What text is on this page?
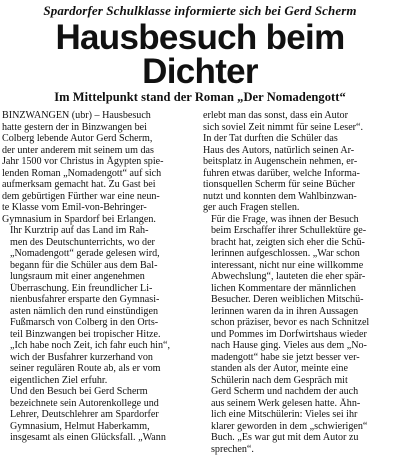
Spardorfer Schulklasse informierte sich bei Gerd Scherm
Hausbesuch beim Dichter
Im Mittelpunkt stand der Roman „Der Nomadengott“

BINZWANGEN (ubr) – Hausbesuch
hatte gestern der in Binzwangen bei
Colberg lebende Autor Gerd Scherm,
der unter anderem mit seinem um das
Jahr 1500 vor Christus in Ägypten spie-
lenden Roman „Nomadengott“ auf sich
aufmerksam gemacht hat. Zu Gast bei
dem gebürtigen Fürther war eine neun-
te Klasse vom Emil-von-Behringer-
Gymnasium in Spardorf bei Erlangen.

Ihr Kurztrip auf das Land im Rah-
men des Deutschunterrichts, wo der
„Nomadengott“ gerade gelesen wird,
begann für die Schüler aus dem Bal-
lungsraum mit einer angenehmen
Überraschung. Ein freundlicher Li-
nienbusfahrer ersparte den Gymnasi-
asten nämlich den rund einstündigen
Fußmarsch von Colberg in den Orts-
teil Binzwangen bei tropischer Hitze.
„Ich habe noch Zeit, ich fahr euch hin“,
wich der Busfahrer kurzerhand von
seiner regulären Route ab, als er vom
eigentlichen Ziel erfuhr.

Und den Besuch bei Gerd Scherm
bezeichnete sein Autorenkollege und
Lehrer, Deutschlehrer am Spardorfer
Gymnasium, Helmut Haberkamm,
insgesamt als einen Glücksfall. „Wann

erlebt man das sonst, dass ein Autor
sich soviel Zeit nimmt für seine Leser“.
In der Tat durften die Schüler das
Haus des Autors, natürlich seinen Ar-
beitsplatz in Augenschein nehmen, er-
fuhren etwas darüber, welche Informa-
tionsquellen Scherm für seine Bücher
nutzt und konnten dem Wahlbinzwan-
ger auch Fragen stellen.

Für die Frage, was ihnen der Besuch
beim Erschaffer ihrer Schullektüre ge-
bracht hat, zeigten sich eher die Schü-
lerinnen aufgeschlossen. „War schon
interessant, nicht nur eine willkomme
Abwechslung“, lauteten die eher spär-
lichen Kommentare der männlichen
Besucher. Deren weiblichen Mitschü-
lerinnen waren da in ihren Aussagen
schon präziser, bevor es nach Schnitzel
und Pommes im Dorfwirtshaus wieder
nach Hause ging. Vieles aus dem „No-
madengott“ habe sie jetzt besser ver-
standen als der Autor, meinte eine
Schülerin nach dem Gespräch mit
Gerd Scherm und nachdem der auch
aus seinem Werk gelesen hatte. Ähn-
lich eine Mitschülerin: Vieles sei ihr
klarer geworden in dem „schwierigen“
Buch. „Es war gut mit dem Autor zu
sprechen“.
